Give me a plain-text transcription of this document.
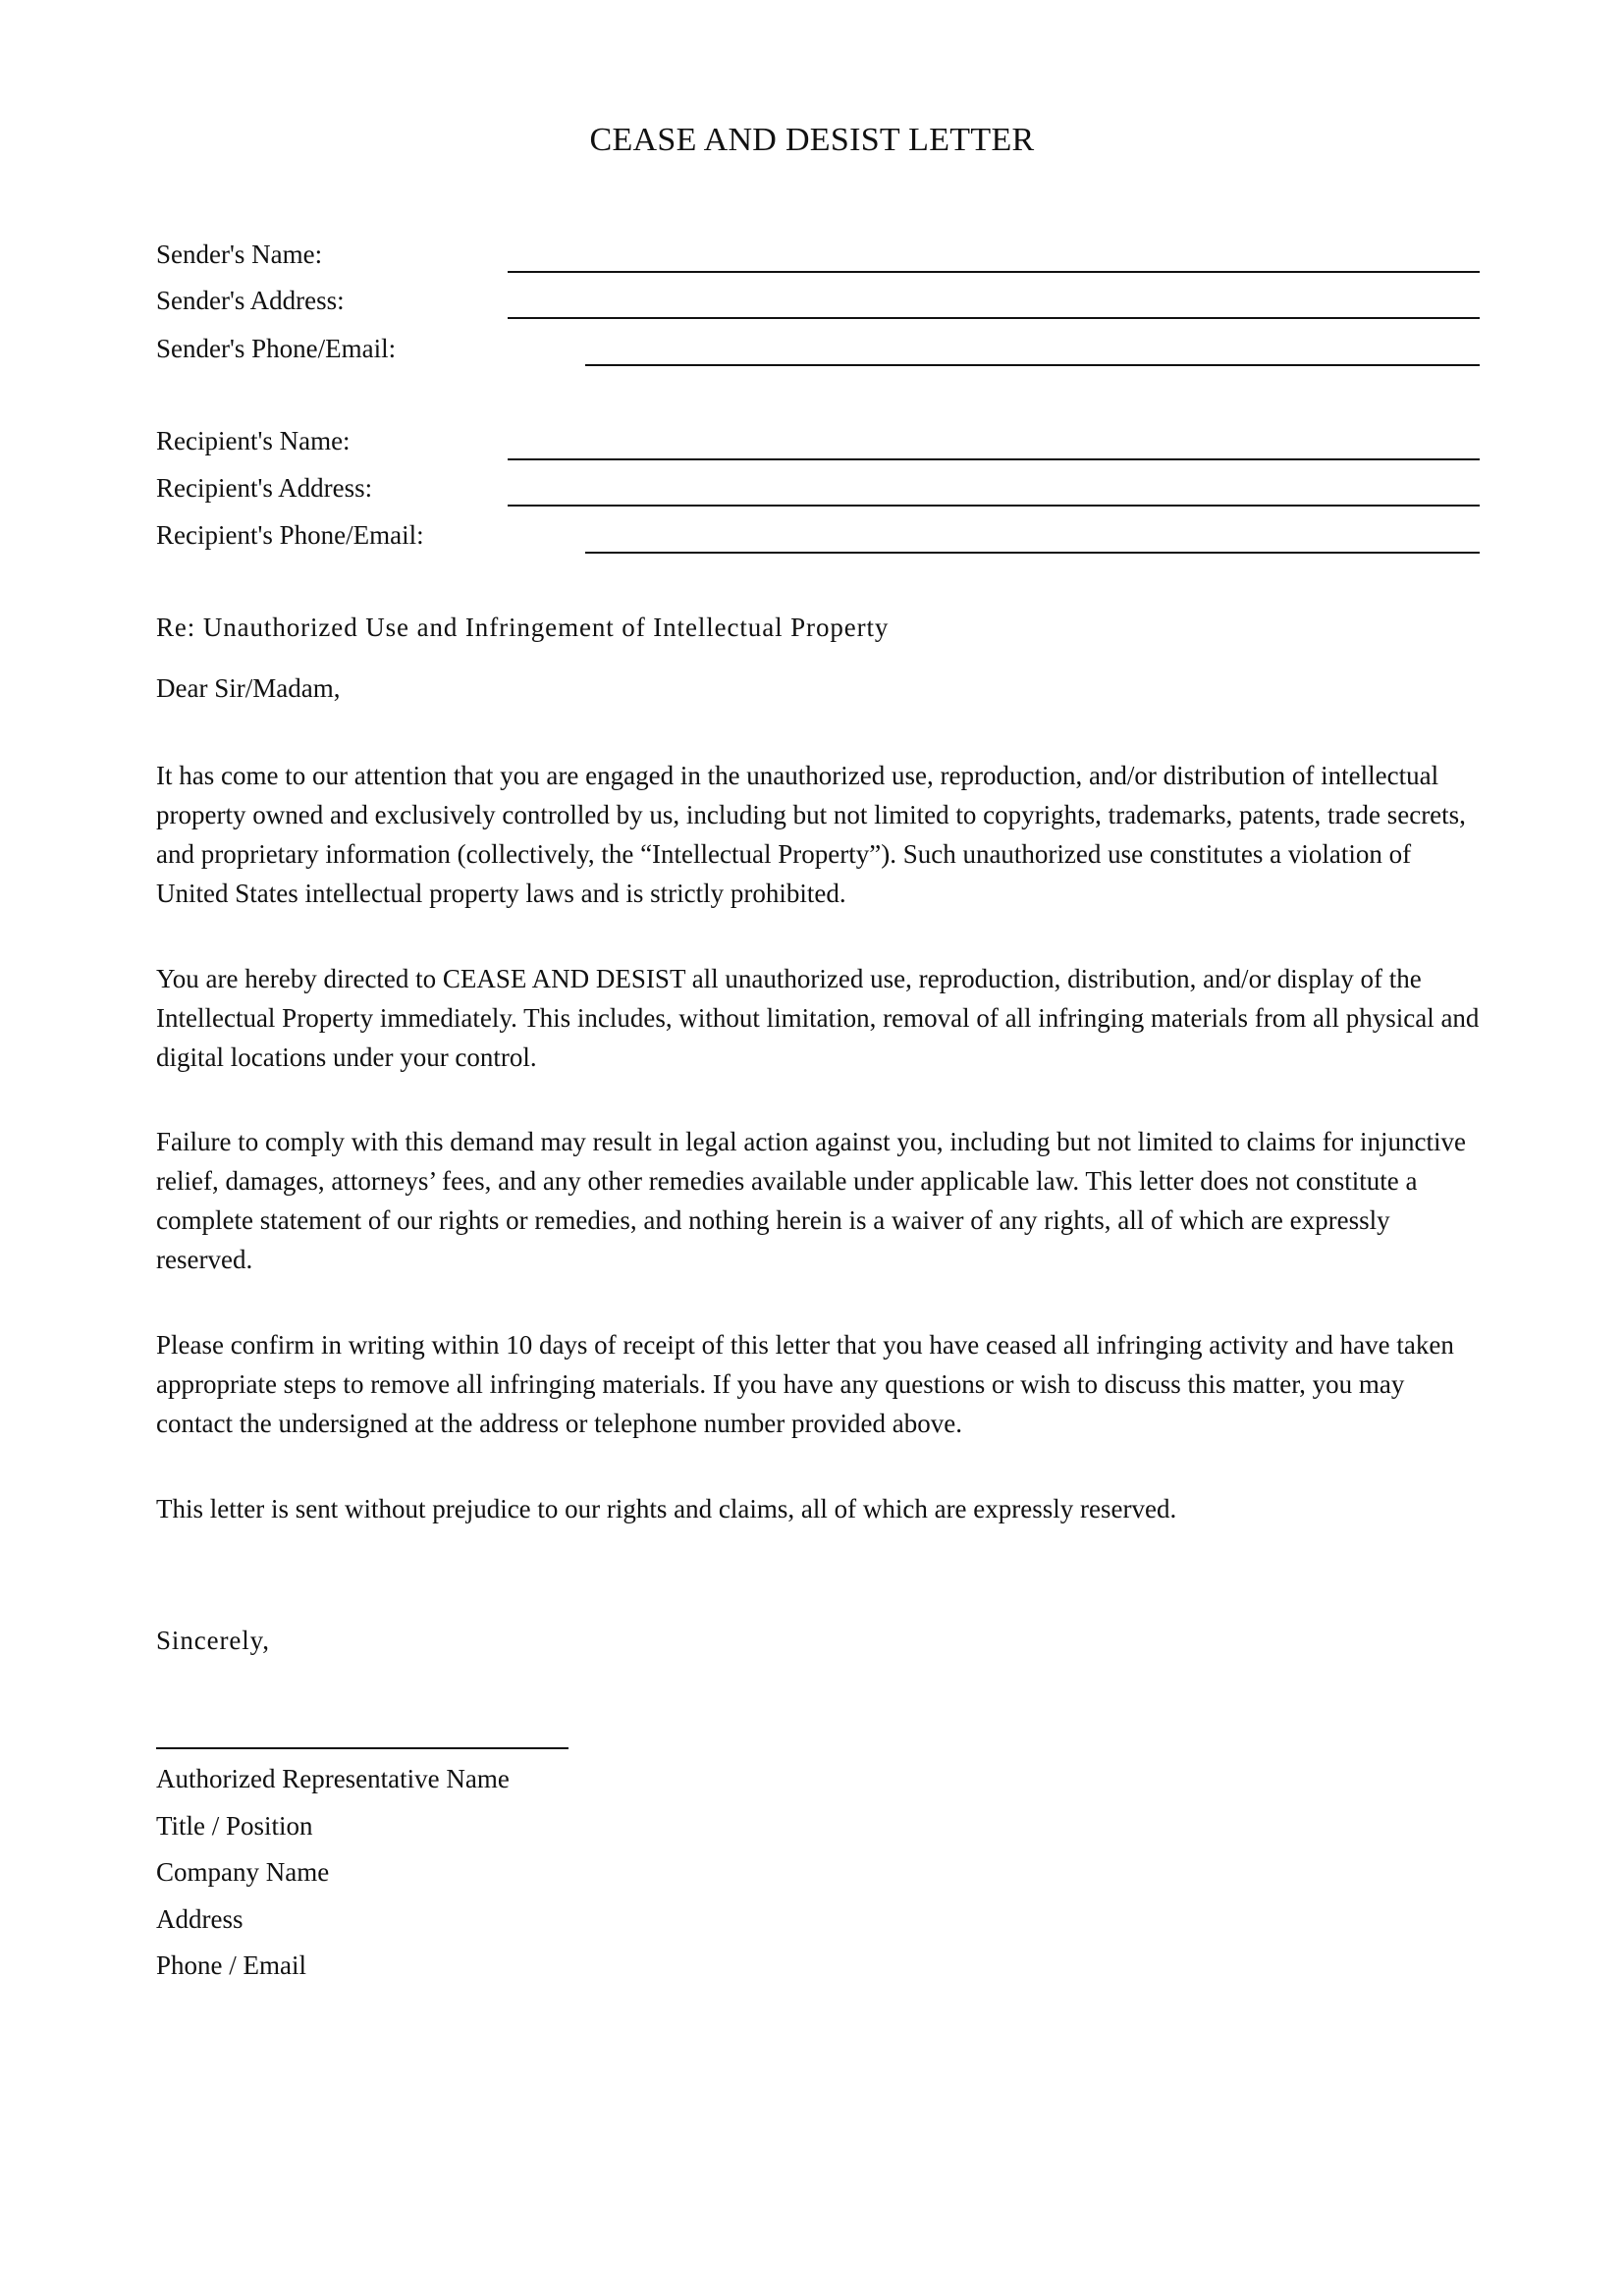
CEASE AND DESIST LETTER
Sender's Name:
Sender's Address:
Sender's Phone/Email:
Recipient's Name:
Recipient's Address:
Recipient's Phone/Email:
Re: Unauthorized Use and Infringement of Intellectual Property
Dear Sir/Madam,

It has come to our attention that you are engaged in the unauthorized use, reproduction, and/or distribution of intellectual property owned and exclusively controlled by us, including but not limited to copyrights, trademarks, patents, trade secrets, and proprietary information (collectively, the “Intellectual Property”). Such unauthorized use constitutes a violation of United States intellectual property laws and is strictly prohibited.

You are hereby directed to CEASE AND DESIST all unauthorized use, reproduction, distribution, and/or display of the Intellectual Property immediately. This includes, without limitation, removal of all infringing materials from all physical and digital locations under your control.

Failure to comply with this demand may result in legal action against you, including but not limited to claims for injunctive relief, damages, attorneys’ fees, and any other remedies available under applicable law. This letter does not constitute a complete statement of our rights or remedies, and nothing herein is a waiver of any rights, all of which are expressly reserved.

Please confirm in writing within 10 days of receipt of this letter that you have ceased all infringing activity and have taken appropriate steps to remove all infringing materials. If you have any questions or wish to discuss this matter, you may contact the undersigned at the address or telephone number provided above.

This letter is sent without prejudice to our rights and claims, all of which are expressly reserved.

Sincerely,
Authorized Representative Name
Title / Position
Company Name
Address
Phone / Email
